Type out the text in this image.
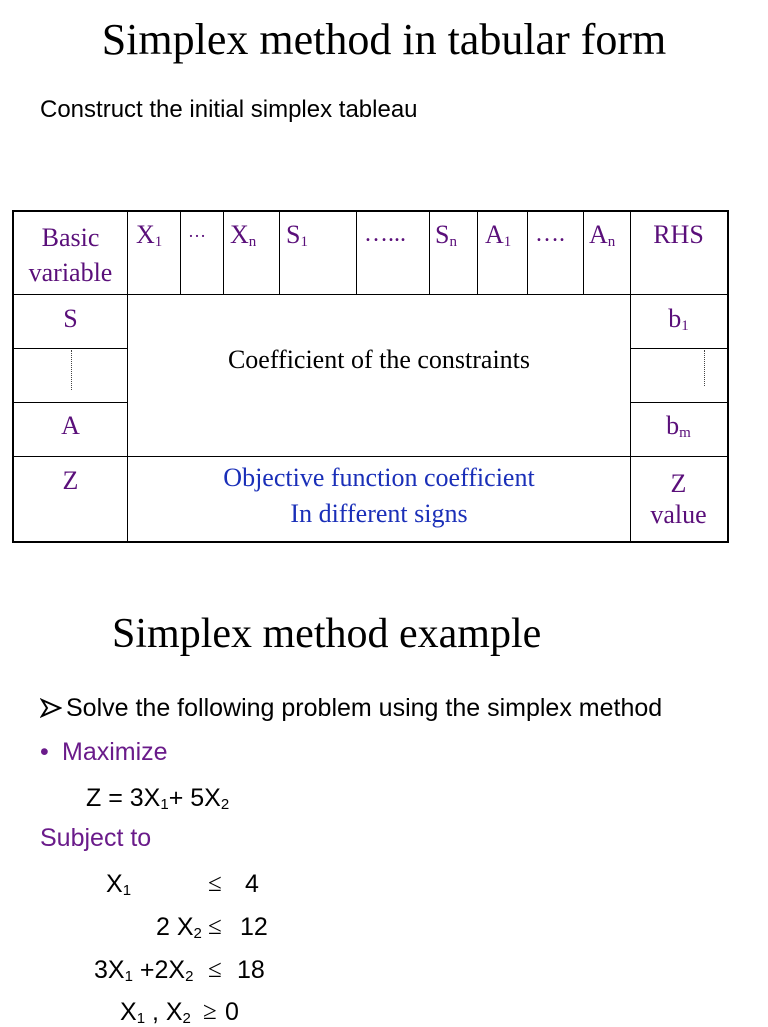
Simplex method in tabular form
Construct the initial simplex tableau
Basic
variable
$X_1$
… $X_n$ $S_1$ …... $S_n$ $A_1$ …. $A_n$	RHS
S
A
Z
$b_1$
$b_m$
Z
value
Coefficient of the constraints
Objective function coefficient
In different signs
Simplex method example
Solve the following problem using the simplex method
• Maximize
$Z = 3X_1+ 5X_2$
Subject to
$X_1$	≤ 4
2 $X_2 \le 12$
$3X_1 +2X_2 \le 18$
$X_1$ , $X_2 \ge 0$
